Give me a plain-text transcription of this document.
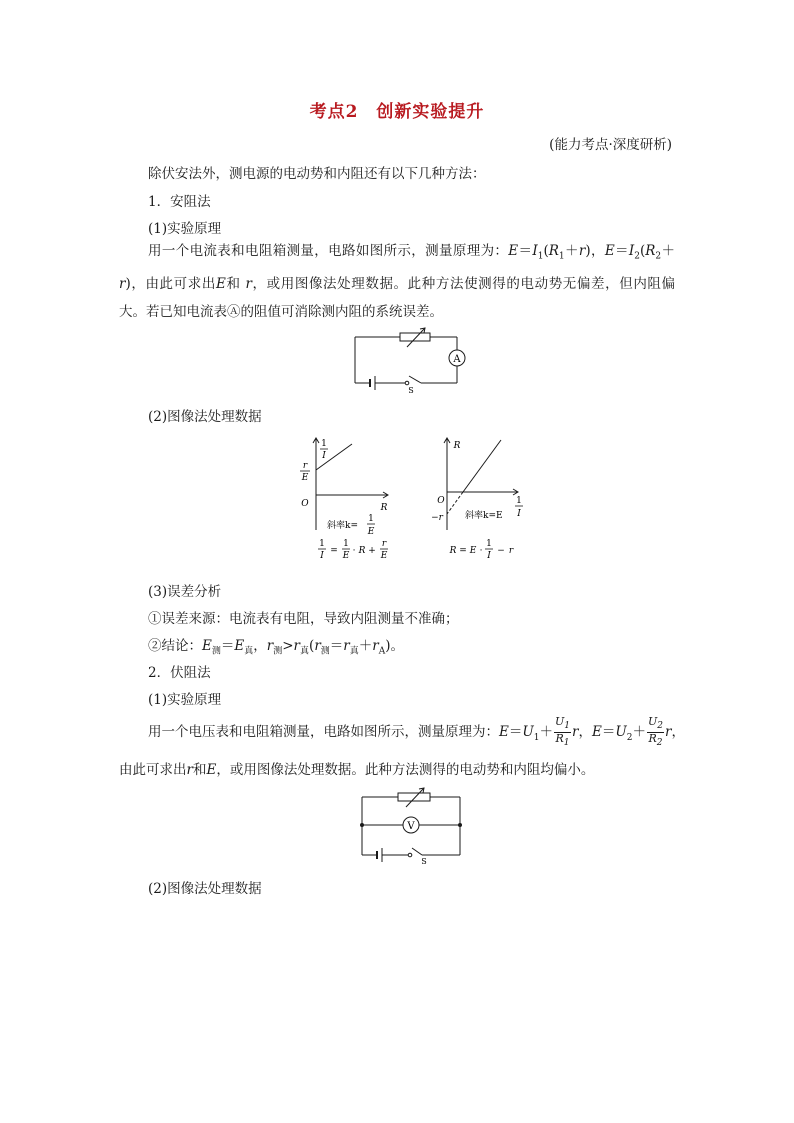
考点2　创新实验提升
(能力考点·深度研析)
除伏安法外，测电源的电动势和内阻还有以下几种方法：
1．安阻法
(1)实验原理
用一个电流表和电阻箱测量，电路如图所示，测量原理为：$E=I_1(R_1+r)$，$E=I_2(R_2+r)$，由此可求出E和 r，或用图像法处理数据。此种方法使测得的电动势无偏差，但内阻偏大。若已知电流表Ⓐ的阻值可消除测内阻的系统误差。
A
S
(2)图像法处理数据
1
I
r
E
O	R
斜率k=
1
E
1
I =
1
E · R +
r
E
R
O
−r
1
I
斜率k=E
R = E ·
1
I − r
(3)误差分析
①误差来源：电流表有电阻，导致内阻测量不准确；
②结论：$E_测=E_真$，$r_测>r_真(r_测=r_真+r_A)$。
2．伏阻法
(1)实验原理
用一个电压表和电阻箱测量，电路如图所示，测量原理为：$E=U_1+ \frac{U_1}{R_1}$ r，$E=U_2+ \frac{U_2}{R_2}$ r，
由此可求出r和E，或用图像法处理数据。此种方法测得的电动势和内阻均偏小。
V
S
(2)图像法处理数据
